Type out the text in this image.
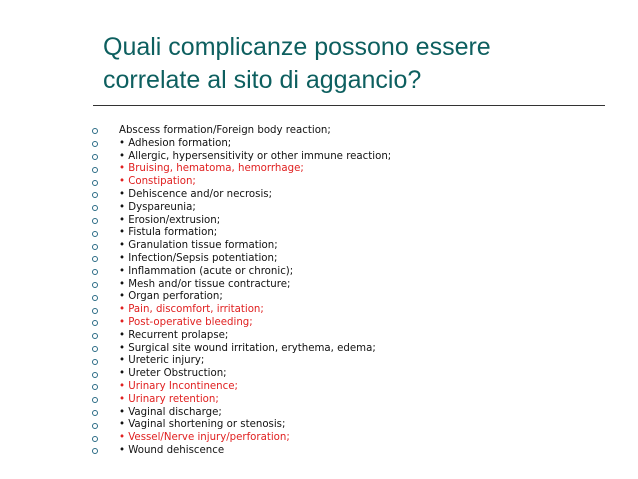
Quali complicanze possono essere
correlate al sito di aggancio?
Abscess formation/Foreign body reaction;
• Adhesion formation;
• Allergic, hypersensitivity or other immune reaction;
• Bruising, hematoma, hemorrhage;
• Constipation;
• Dehiscence and/or necrosis;
• Dyspareunia;
• Erosion/extrusion;
• Fistula formation;
• Granulation tissue formation;
• Infection/Sepsis potentiation;
• Inflammation (acute or chronic);
• Mesh and/or tissue contracture;
• Organ perforation;
• Pain, discomfort, irritation;
• Post-operative bleeding;
• Recurrent prolapse;
• Surgical site wound irritation, erythema, edema;
• Ureteric injury;
• Ureter Obstruction;
• Urinary Incontinence;
• Urinary retention;
• Vaginal discharge;
• Vaginal shortening or stenosis;
• Vessel/Nerve injury/perforation;
• Wound dehiscence
